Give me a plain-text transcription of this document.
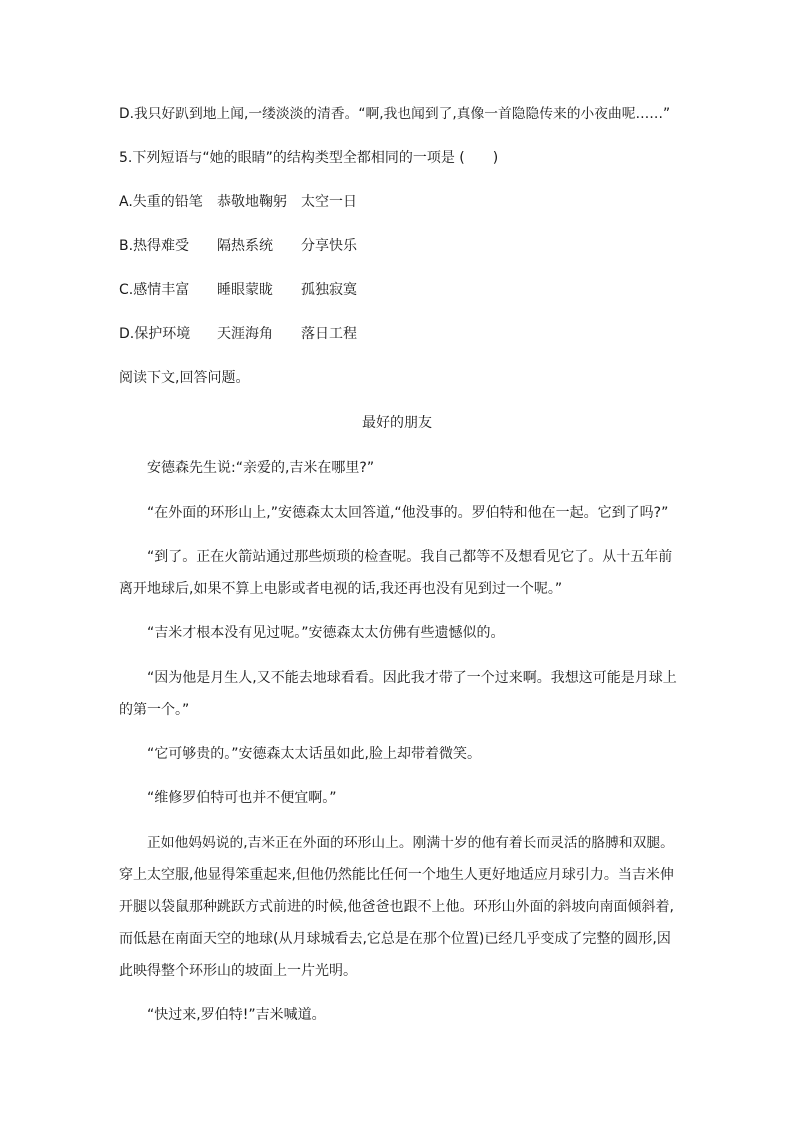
D.我只好趴到地上闻,一缕淡淡的清香。“啊,我也闻到了,真像一首隐隐传来的小夜曲呢……”
5.下列短语与“她的眼睛”的结构类型全都相同的一项是 (　　)
A.失重的铅笔 恭敬地鞠躬 太空一日
B.热得难受 隔热系统 分享快乐
C.感情丰富 睡眼蒙眬 孤独寂寞
D.保护环境 天涯海角 落日工程
阅读下文,回答问题。
最好的朋友
安德森先生说:“亲爱的,吉米在哪里?”
“在外面的环形山上,”安德森太太回答道,“他没事的。罗伯特和他在一起。它到了吗?”
“到了。正在火箭站通过那些烦琐的检查呢。我自己都等不及想看见它了。从十五年前
离开地球后,如果不算上电影或者电视的话,我还再也没有见到过一个呢。”
“吉米才根本没有见过呢。”安德森太太仿佛有些遗憾似的。
“因为他是月生人,又不能去地球看看。因此我才带了一个过来啊。我想这可能是月球上
的第一个。”
“它可够贵的。”安德森太太话虽如此,脸上却带着微笑。
“维修罗伯特可也并不便宜啊。”
正如他妈妈说的,吉米正在外面的环形山上。刚满十岁的他有着长而灵活的胳膊和双腿。
穿上太空服,他显得笨重起来,但他仍然能比任何一个地生人更好地适应月球引力。当吉米伸
开腿以袋鼠那种跳跃方式前进的时候,他爸爸也跟不上他。环形山外面的斜坡向南面倾斜着,
而低悬在南面天空的地球(从月球城看去,它总是在那个位置)已经几乎变成了完整的圆形,因
此映得整个环形山的坡面上一片光明。
“快过来,罗伯特!”吉米喊道。
